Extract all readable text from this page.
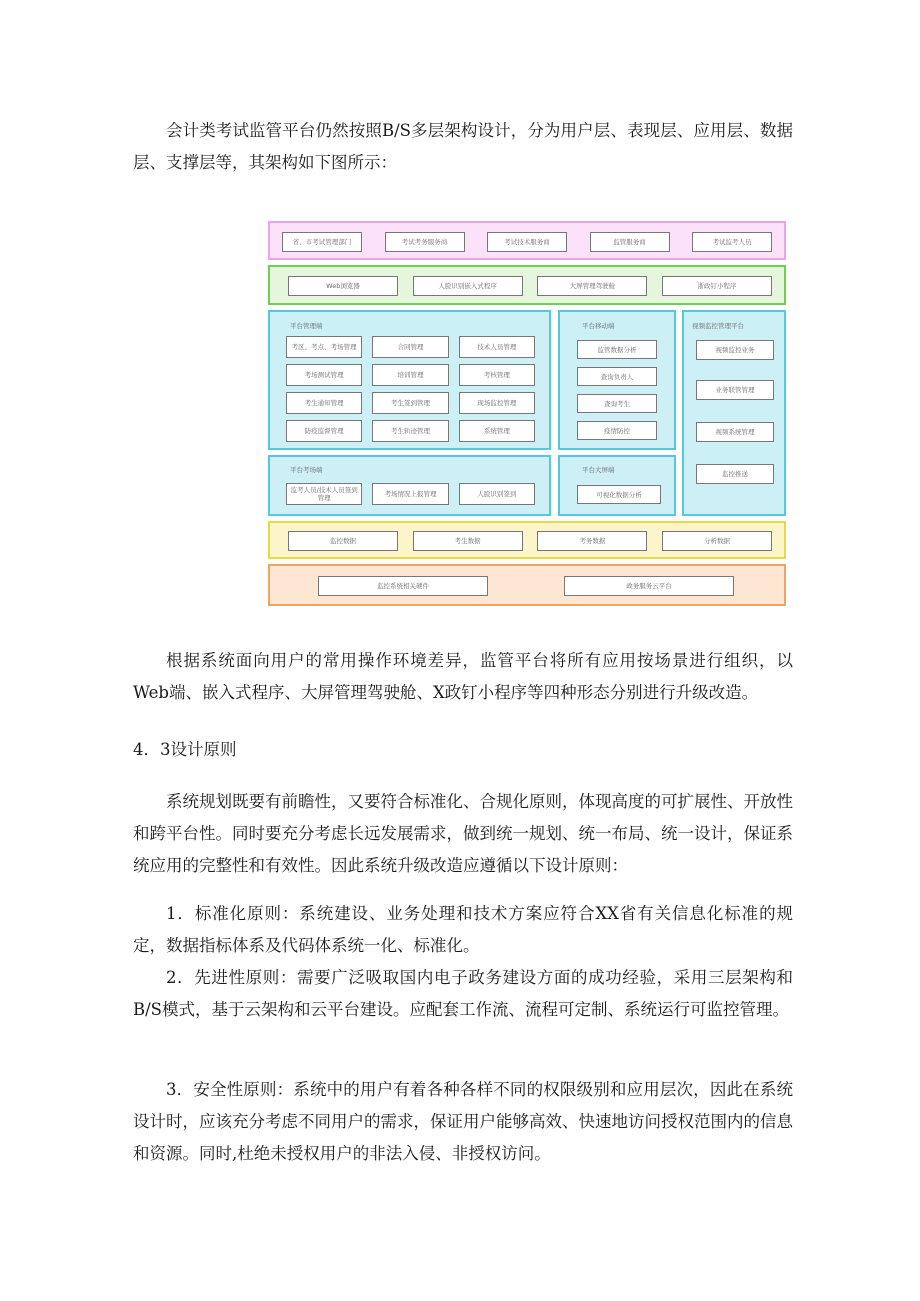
会计类考试监管平台仍然按照B/S多层架构设计，分为用户层、表现层、应用层、数据层、支撑层等，其架构如下图所示：

省、市考试管理部门	考试考务服务商	考试技术服务商	监管服务商	考试监考人员
Web浏览器	人脸识别嵌入式程序	大屏管理驾驶舱	浙政钉小程序
平台管理端
考区、考点、考场管理	合同管理	技术人员管理
考场测试管理	培训管理	考核管理
考生通知管理	考生签到管理	现场监控管理
防疫监督管理	考生轨迹管理	系统管理
平台移动端
监管数据分析
查询负责人
查询考生
疫情防控
视频监控管理平台
视频监控业务
业务联管管理
视频系统管理
监控推送
平台考场端
监考人员/技术人员签到管理	考场情况上报管理	人脸识别签到
平台大屏端
可视化数据分析
监控数据	考生数据	考务数据	分析数据
监控系统相关硬件	政务服务云平台

根据系统面向用户的常用操作环境差异，监管平台将所有应用按场景进行组织，以Web端、嵌入式程序、大屏管理驾驶舱、X政钉小程序等四种形态分别进行升级改造。

4．3设计原则

系统规划既要有前瞻性，又要符合标准化、合规化原则，体现高度的可扩展性、开放性和跨平台性。同时要充分考虑长远发展需求，做到统一规划、统一布局、统一设计，保证系统应用的完整性和有效性。因此系统升级改造应遵循以下设计原则：

1．标准化原则：系统建设、业务处理和技术方案应符合XX省有关信息化标准的规定，数据指标体系及代码体系统一化、标准化。

2．先进性原则：需要广泛吸取国内电子政务建设方面的成功经验，采用三层架构和B/S模式，基于云架构和云平台建设。应配套工作流、流程可定制、系统运行可监控管理。

3．安全性原则：系统中的用户有着各种各样不同的权限级别和应用层次，因此在系统设计时，应该充分考虑不同用户的需求，保证用户能够高效、快速地访问授权范围内的信息和资源。同时,杜绝未授权用户的非法入侵、非授权访问。
